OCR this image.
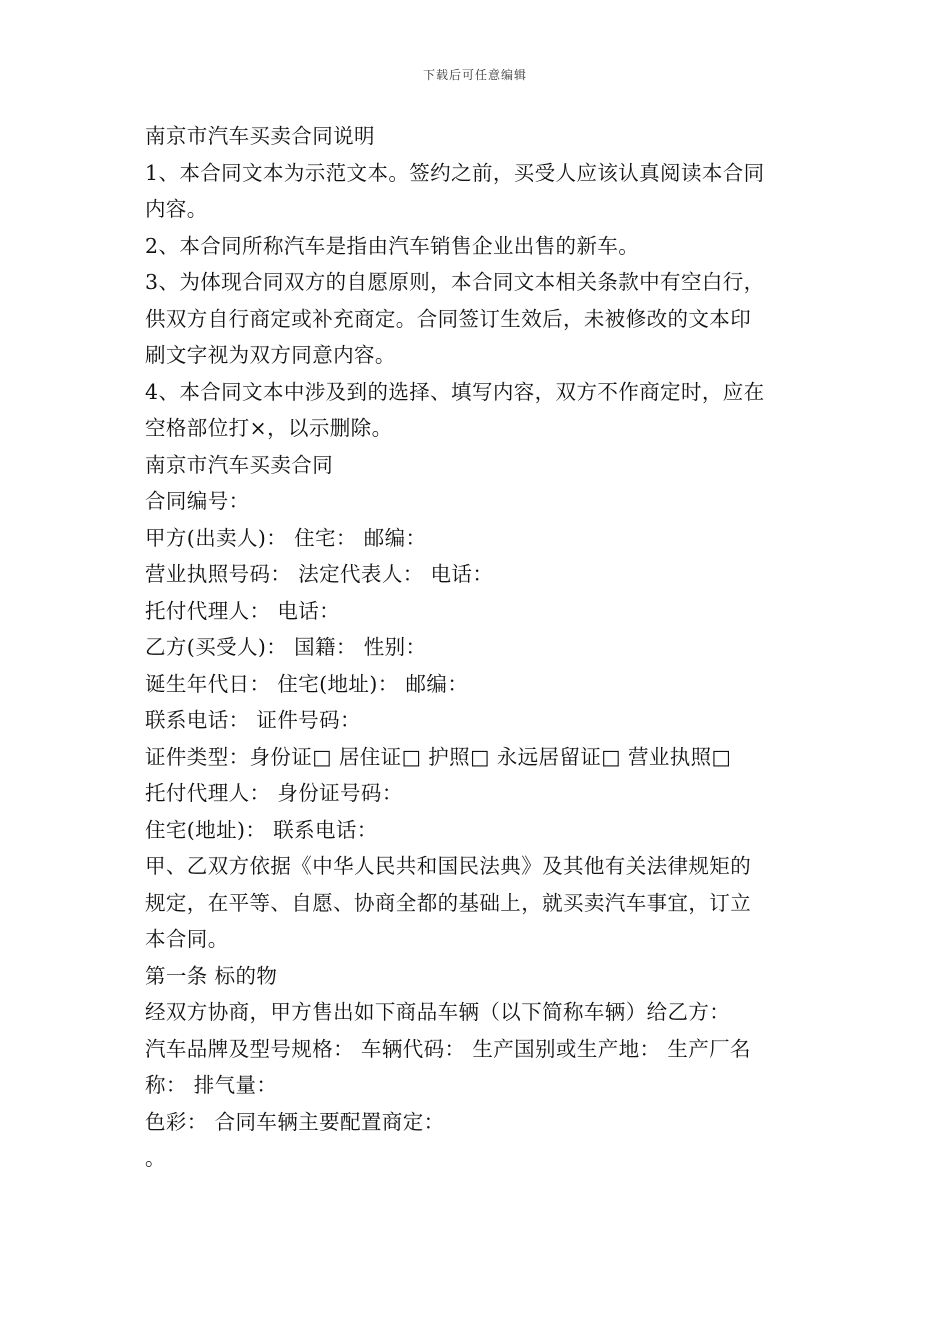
下载后可任意编辑
南京市汽车买卖合同说明
1、本合同文本为示范文本。签约之前，买受人应该认真阅读本合同
内容。
2、本合同所称汽车是指由汽车销售企业出售的新车。
3、为体现合同双方的自愿原则，本合同文本相关条款中有空白行，
供双方自行商定或补充商定。合同签订生效后，未被修改的文本印
刷文字视为双方同意内容。
4、本合同文本中涉及到的选择、填写内容，双方不作商定时，应在
空格部位打×，以示删除。
南京市汽车买卖合同
合同编号：
甲方(出卖人)： 住宅： 邮编：
营业执照号码： 法定代表人： 电话：
托付代理人： 电话：
乙方(买受人)： 国籍： 性别：
诞生年代日： 住宅(地址)： 邮编：
联系电话： 证件号码：
证件类型：身份证□ 居住证□ 护照□ 永远居留证□ 营业执照□
托付代理人： 身份证号码：
住宅(地址)： 联系电话：
甲、乙双方依据《中华人民共和国民法典》及其他有关法律规矩的
规定，在平等、自愿、协商全都的基础上，就买卖汽车事宜，订立
本合同。
第一条 标的物
经双方协商，甲方售出如下商品车辆（以下简称车辆）给乙方：
汽车品牌及型号规格： 车辆代码： 生产国别或生产地： 生产厂名
称： 排气量：
色彩： 合同车辆主要配置商定：
。
